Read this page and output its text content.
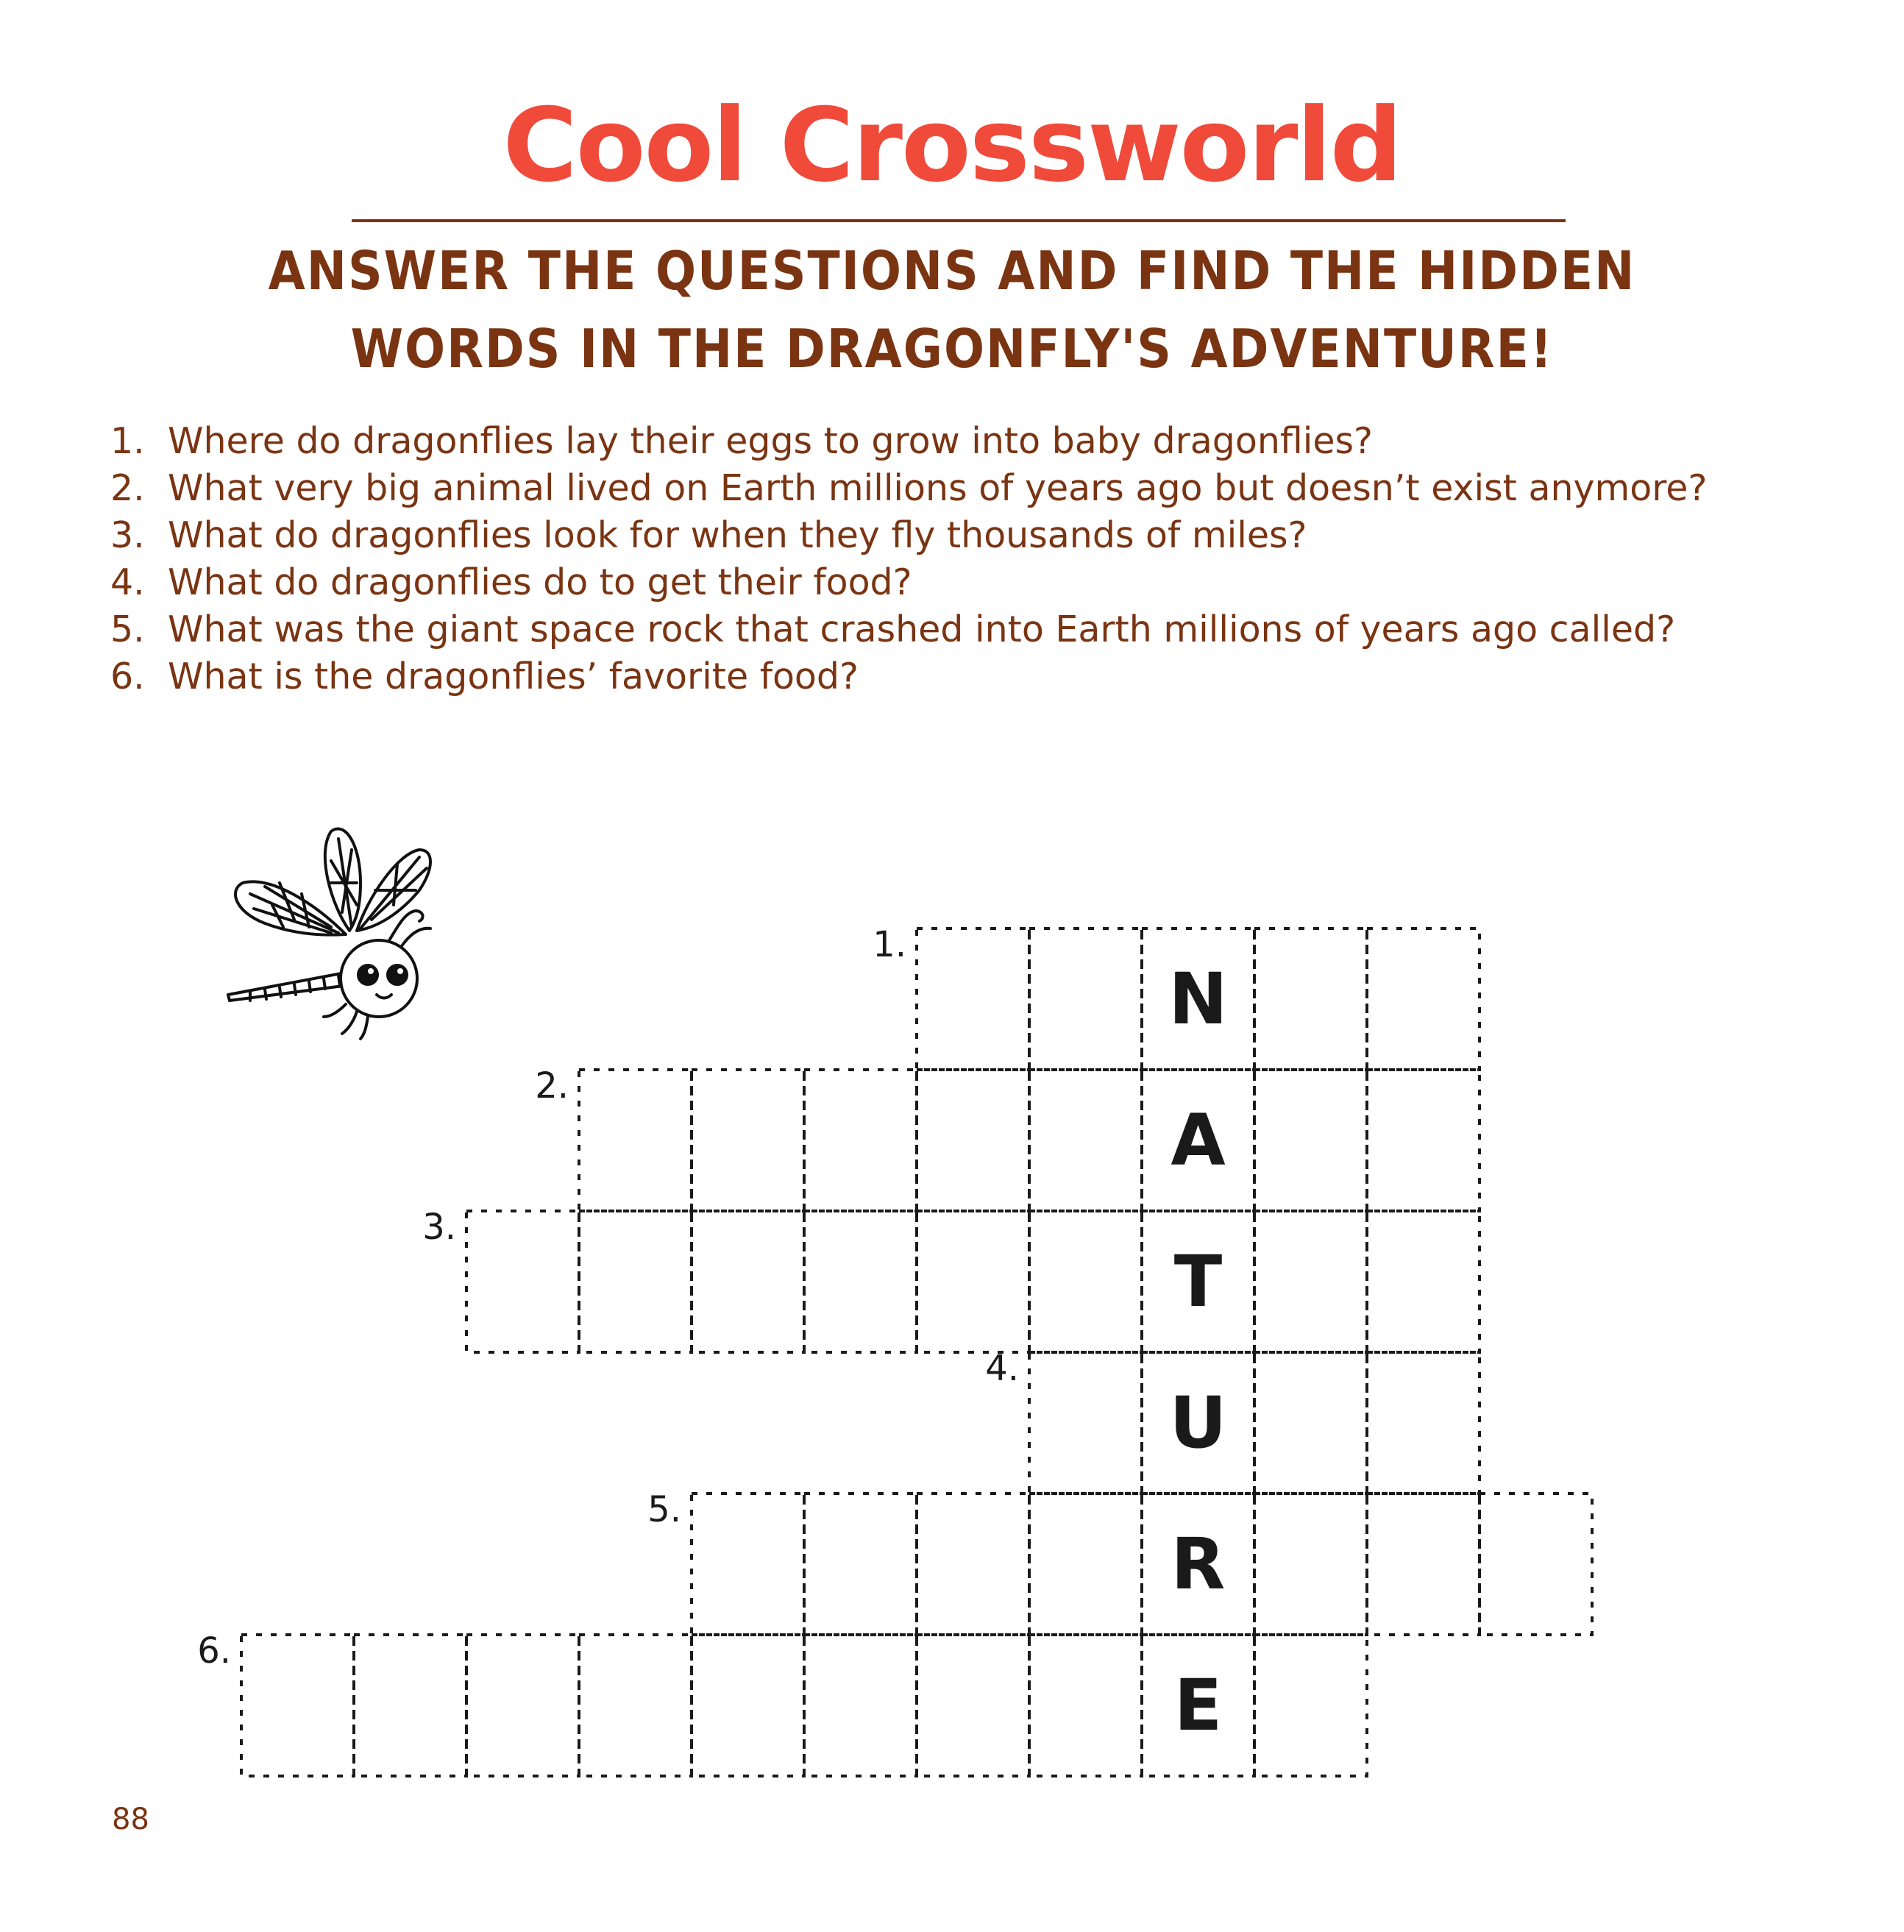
Cool Crossworld
ANSWER THE QUESTIONS AND FIND THE HIDDEN
WORDS IN THE DRAGONFLY'S ADVENTURE!
1. Where do dragonflies lay their eggs to grow into baby dragonflies?
2. What very big animal lived on Earth millions of years ago but doesn’t exist anymore?
3. What do dragonflies look for when they fly thousands of miles?
4. What do dragonflies do to get their food?
5. What was the giant space rock that crashed into Earth millions of years ago called?
6. What is the dragonflies’ favorite food?
1.
N
2.
A
3.
T
4.
U
5.
R
6.
E
88
